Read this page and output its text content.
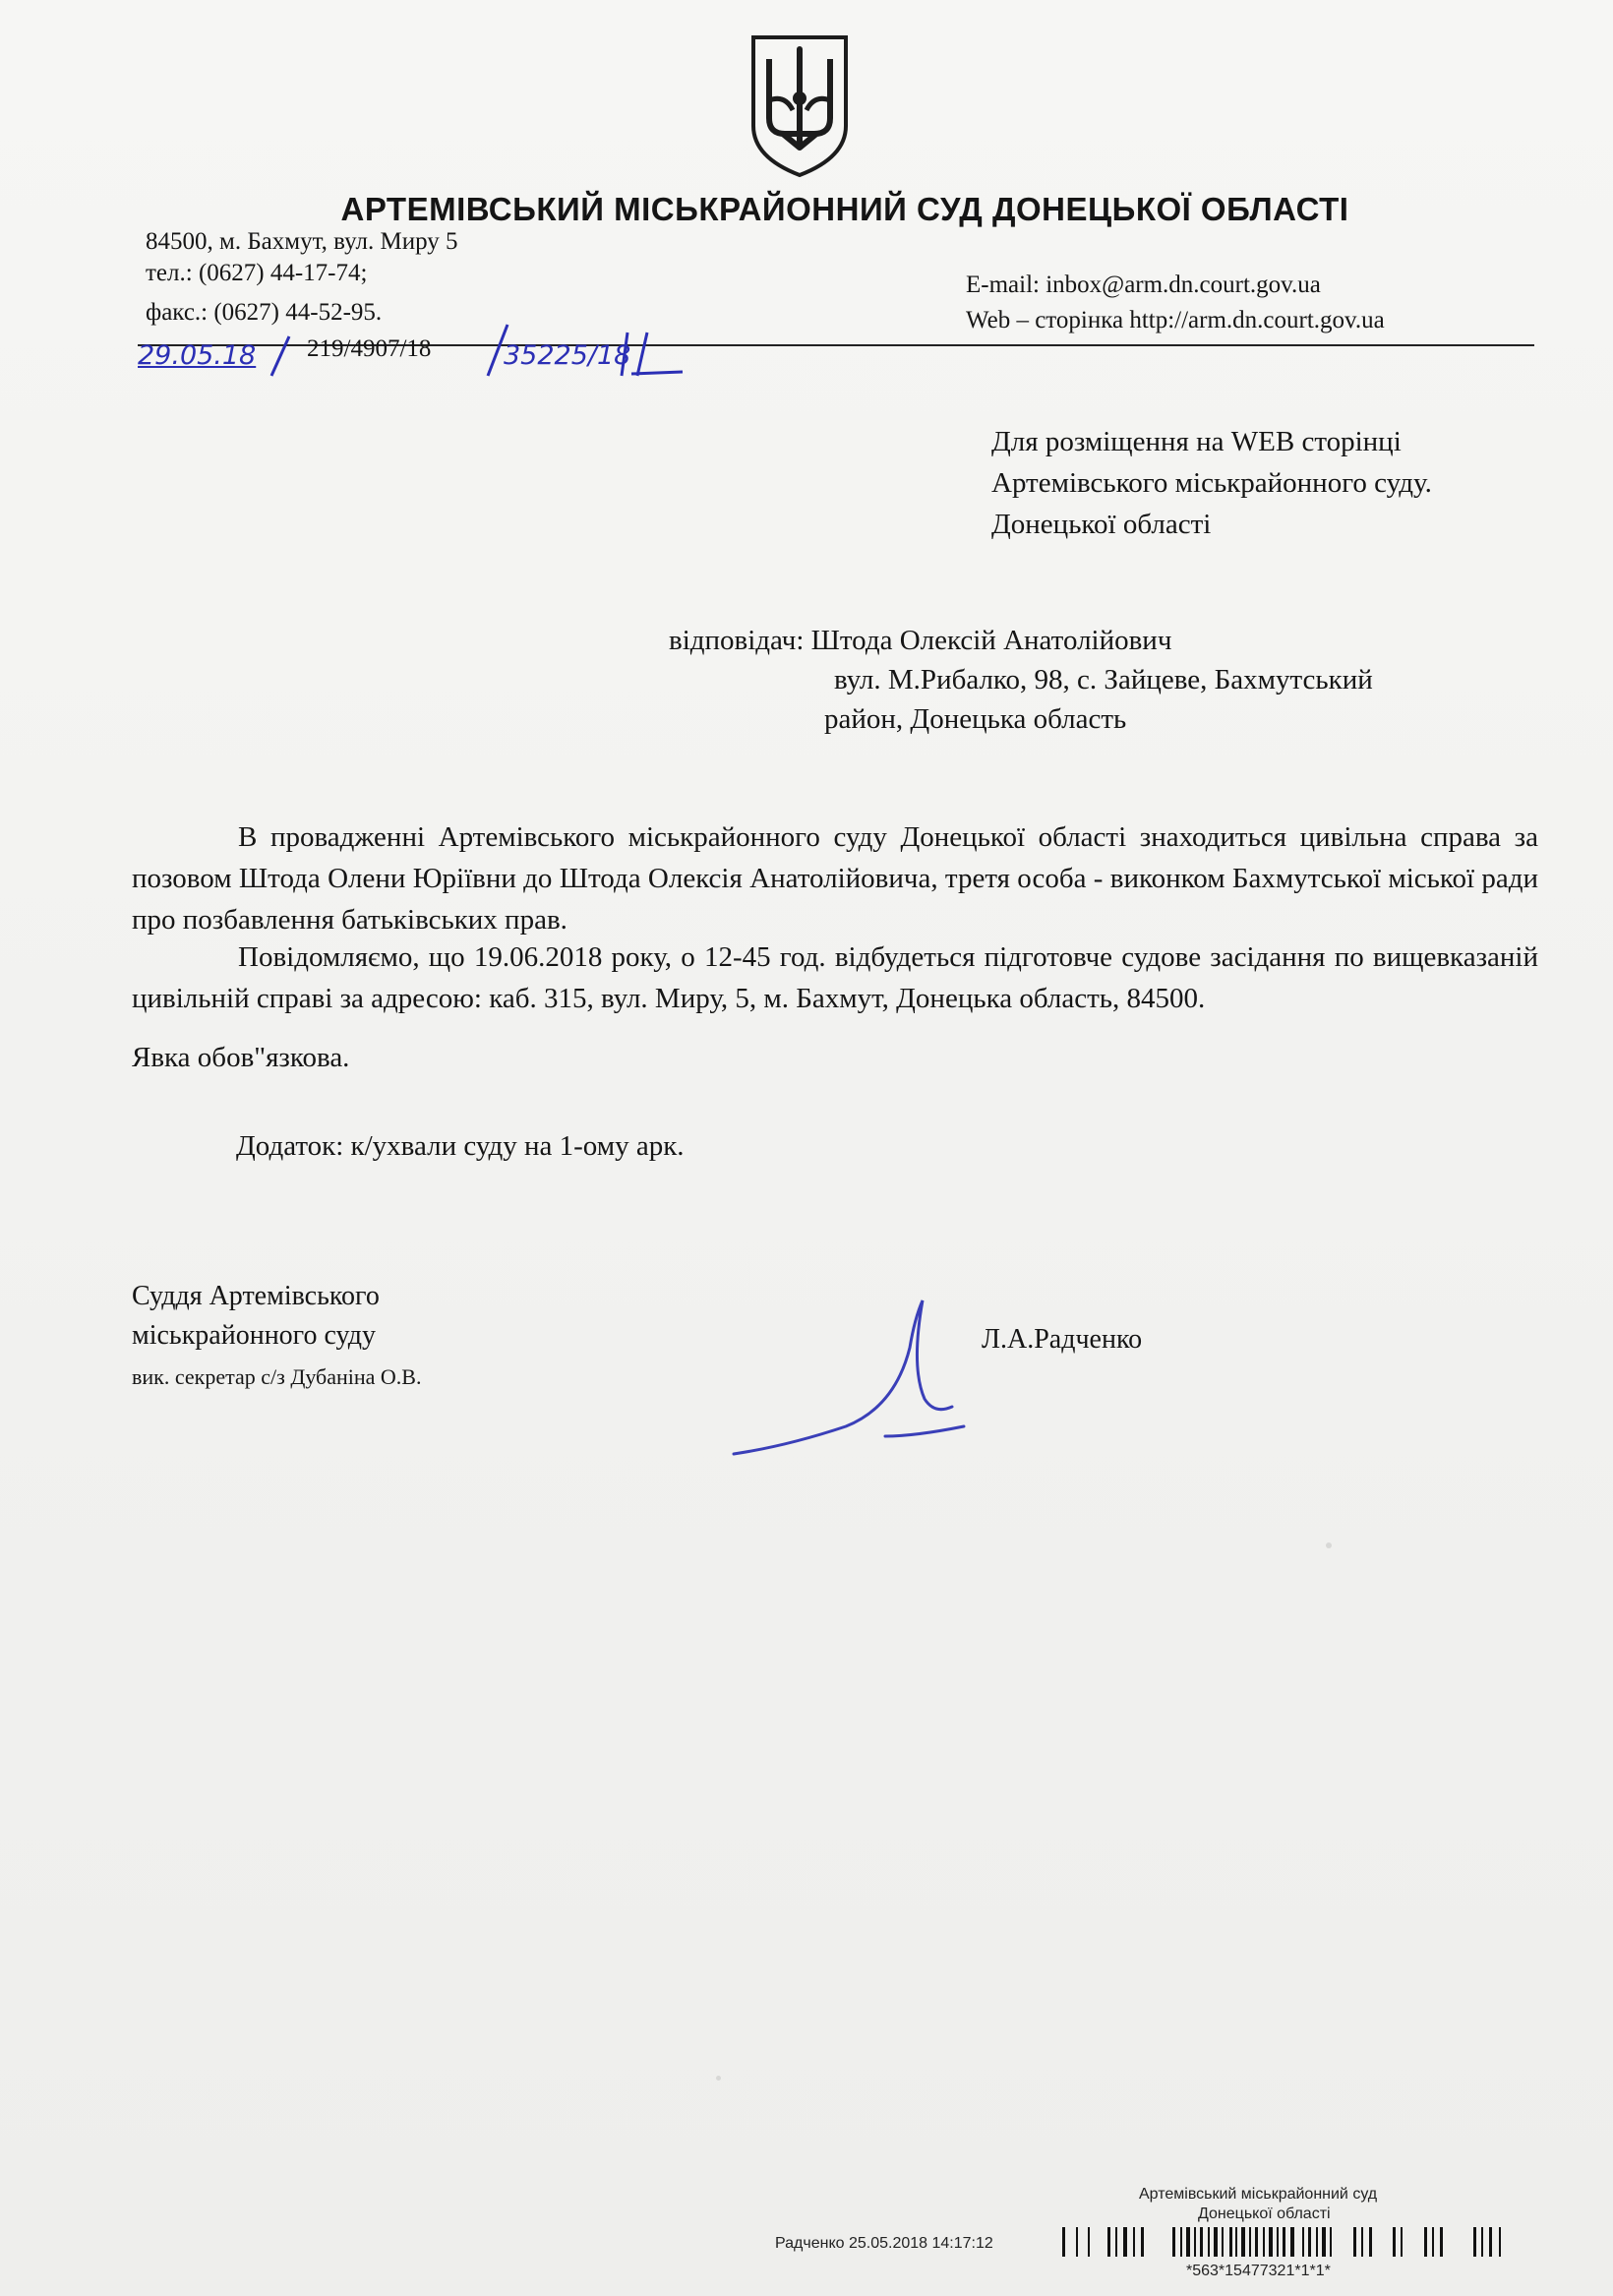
АРТЕМІВСЬКИЙ МІСЬКРАЙОННИЙ СУД ДОНЕЦЬКОЇ ОБЛАСТІ
84500, м. Бахмут, вул. Миру 5
тел.: (0627) 44-17-74;
факс.: (0627) 44-52-95.
E-mail: inbox@arm.dn.court.gov.ua
Web – сторінка http://arm.dn.court.gov.ua
29.05.18 219/4907/18	35225/18
Для розміщення на WEB сторінці
Артемівського міськрайонного суду.
Донецької області
відповідач: Штода Олексій Анатолійович
вул. М.Рибалко, 98, с. Зайцеве, Бахмутський
район, Донецька область
В провадженні Артемівського міськрайонного суду Донецької області знаходиться цивільна справа за позовом Штода Олени Юріївни до Штода Олексія Анатолійовича, третя особа - виконком Бахмутської міської ради про позбавлення батьківських прав.
Повідомляємо, що 19.06.2018 року, о 12-45 год. відбудеться підготовче судове засідання по вищевказаній цивільній справі за адресою: каб. 315, вул. Миру, 5, м. Бахмут, Донецька область, 84500.
Явка обов"язкова.
Додаток: к/ухвали суду на 1-ому арк.
Суддя Артемівського
міськрайонного суду
вик. секретар с/з Дубаніна О.В.
Л.А.Радченко
Артемівський міськрайонний суд
Донецької області
Радченко 25.05.2018 14:17:12
*563*15477321*1*1*
